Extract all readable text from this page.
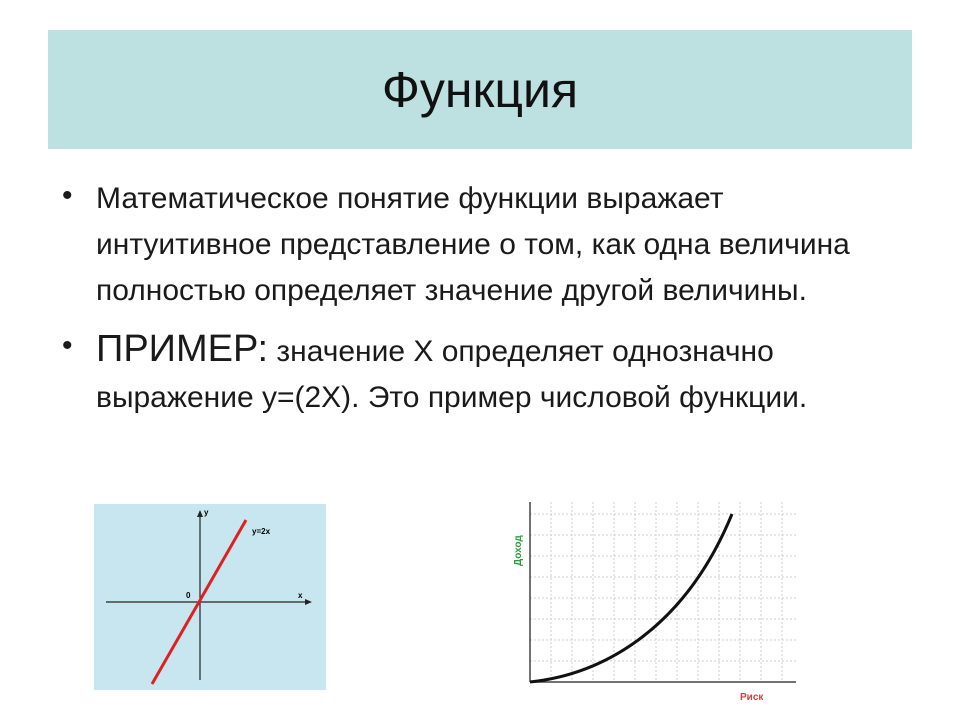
Функция
• Математическое понятие функции выражает интуитивное представление о том, как одна величина полностью определяет значение другой величины.
• ПРИМЕР: значение Х определяет однозначно выражение у=(2Х). Это пример числовой функции.
y
x
0
y=2x
Доход
Риск
